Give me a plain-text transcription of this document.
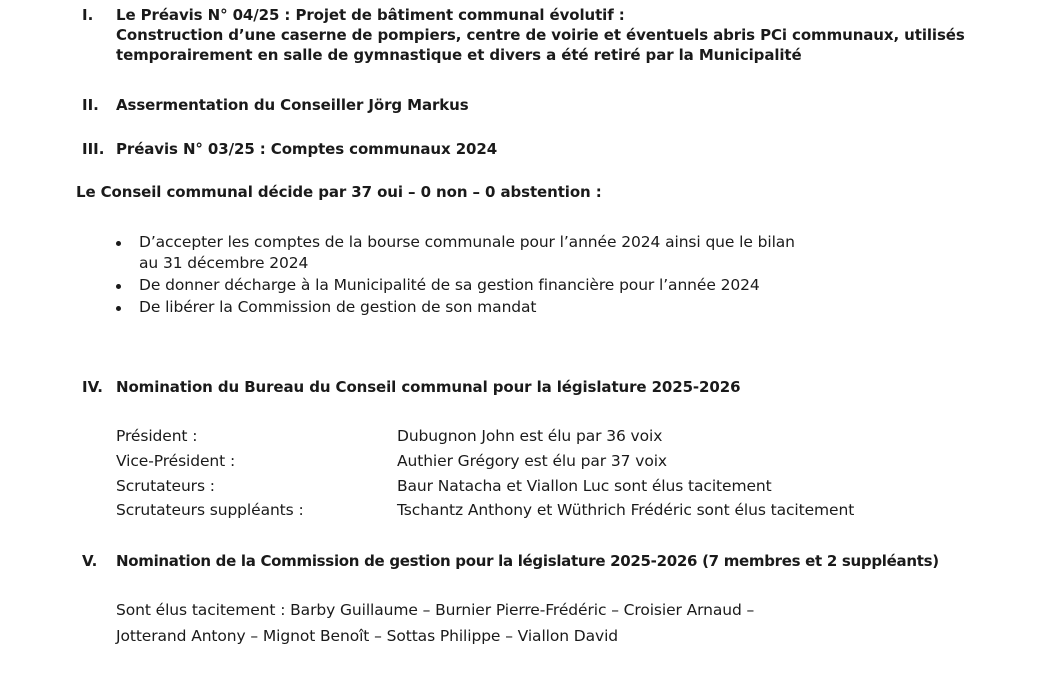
I. Le Préavis N° 04/25 : Projet de bâtiment communal évolutif :
Construction d’une caserne de pompiers, centre de voirie et éventuels abris PCi communaux, utilisés
temporairement en salle de gymnastique et divers a été retiré par la Municipalité
II. Assermentation du Conseiller Jörg Markus
III. Préavis N° 03/25 : Comptes communaux 2024
Le Conseil communal décide par 37 oui – 0 non – 0 abstention :
D’accepter les comptes de la bourse communale pour l’année 2024 ainsi que le bilan
au 31 décembre 2024
De donner décharge à la Municipalité de sa gestion financière pour l’année 2024
De libérer la Commission de gestion de son mandat
IV. Nomination du Bureau du Conseil communal pour la législature 2025-2026
Président :	Dubugnon John est élu par 36 voix
Vice-Président :	Authier Grégory est élu par 37 voix
Scrutateurs :	Baur Natacha et Viallon Luc sont élus tacitement
Scrutateurs suppléants :	Tschantz Anthony et Wüthrich Frédéric sont élus tacitement
V. Nomination de la Commission de gestion pour la législature 2025-2026 (7 membres et 2 suppléants)
Sont élus tacitement : Barby Guillaume – Burnier Pierre-Frédéric – Croisier Arnaud –
Jotterand Antony – Mignot Benoît – Sottas Philippe – Viallon David
